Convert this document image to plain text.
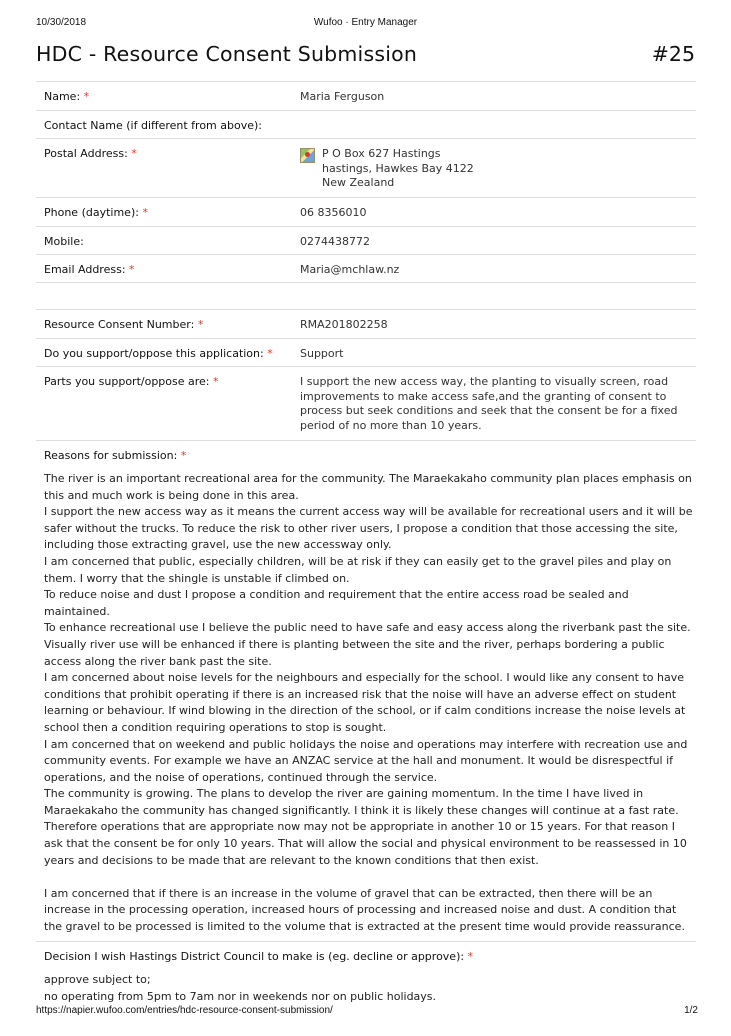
10/30/2018	Wufoo · Entry Manager
HDC - Resource Consent Submission	#25
Name: *	Maria Ferguson
Contact Name (if different from above):
Postal Address: *	P O Box 627 Hastings
hastings, Hawkes Bay 4122
New Zealand
Phone (daytime): *	06 8356010
Mobile:	0274438772
Email Address: *	Maria@mchlaw.nz
Resource Consent Number: *	RMA201802258
Do you support/oppose this application: * Support
Parts you support/oppose are: *	I support the new access way, the planting to visually screen, road improvements to make access safe,and the granting of consent to process but seek conditions and seek that the consent be for a fixed period of no more than 10 years.
Reasons for submission: *

The river is an important recreational area for the community. The Maraekakaho community plan places emphasis on this and much work is being done in this area.

I support the new access way as it means the current access way will be available for recreational users and it will be safer without the trucks. To reduce the risk to other river users, I propose a condition that those accessing the site, including those extracting gravel, use the new accessway only.

I am concerned that public, especially children, will be at risk if they can easily get to the gravel piles and play on them. I worry that the shingle is unstable if climbed on.

To reduce noise and dust I propose a condition and requirement that the entire access road be sealed and maintained.

To enhance recreational use I believe the public need to have safe and easy access along the riverbank past the site. Visually river use will be enhanced if there is planting between the site and the river, perhaps bordering a public access along the river bank past the site.

I am concerned about noise levels for the neighbours and especially for the school. I would like any consent to have conditions that prohibit operating if there is an increased risk that the noise will have an adverse effect on student learning or behaviour. If wind blowing in the direction of the school, or if calm conditions increase the noise levels at school then a condition requiring operations to stop is sought.

I am concerned that on weekend and public holidays the noise and operations may interfere with recreation use and community events. For example we have an ANZAC service at the hall and monument. It would be disrespectful if operations, and the noise of operations, continued through the service.

The community is growing. The plans to develop the river are gaining momentum. In the time I have lived in Maraekakaho the community has changed significantly. I think it is likely these changes will continue at a fast rate. Therefore operations that are appropriate now may not be appropriate in another 10 or 15 years. For that reason I ask that the consent be for only 10 years. That will allow the social and physical environment to be reassessed in 10 years and decisions to be made that are relevant to the known conditions that then exist.

I am concerned that if there is an increase in the volume of gravel that can be extracted, then there will be an increase in the processing operation, increased hours of processing and increased noise and dust. A condition that the gravel to be processed is limited to the volume that is extracted at the present time would provide reassurance.

Decision I wish Hastings District Council to make is (eg. decline or approve): *
approve subject to;
no operating from 5pm to 7am nor in weekends nor on public holidays.
https://napier.wufoo.com/entries/hdc-resource-consent-submission/	1/2
